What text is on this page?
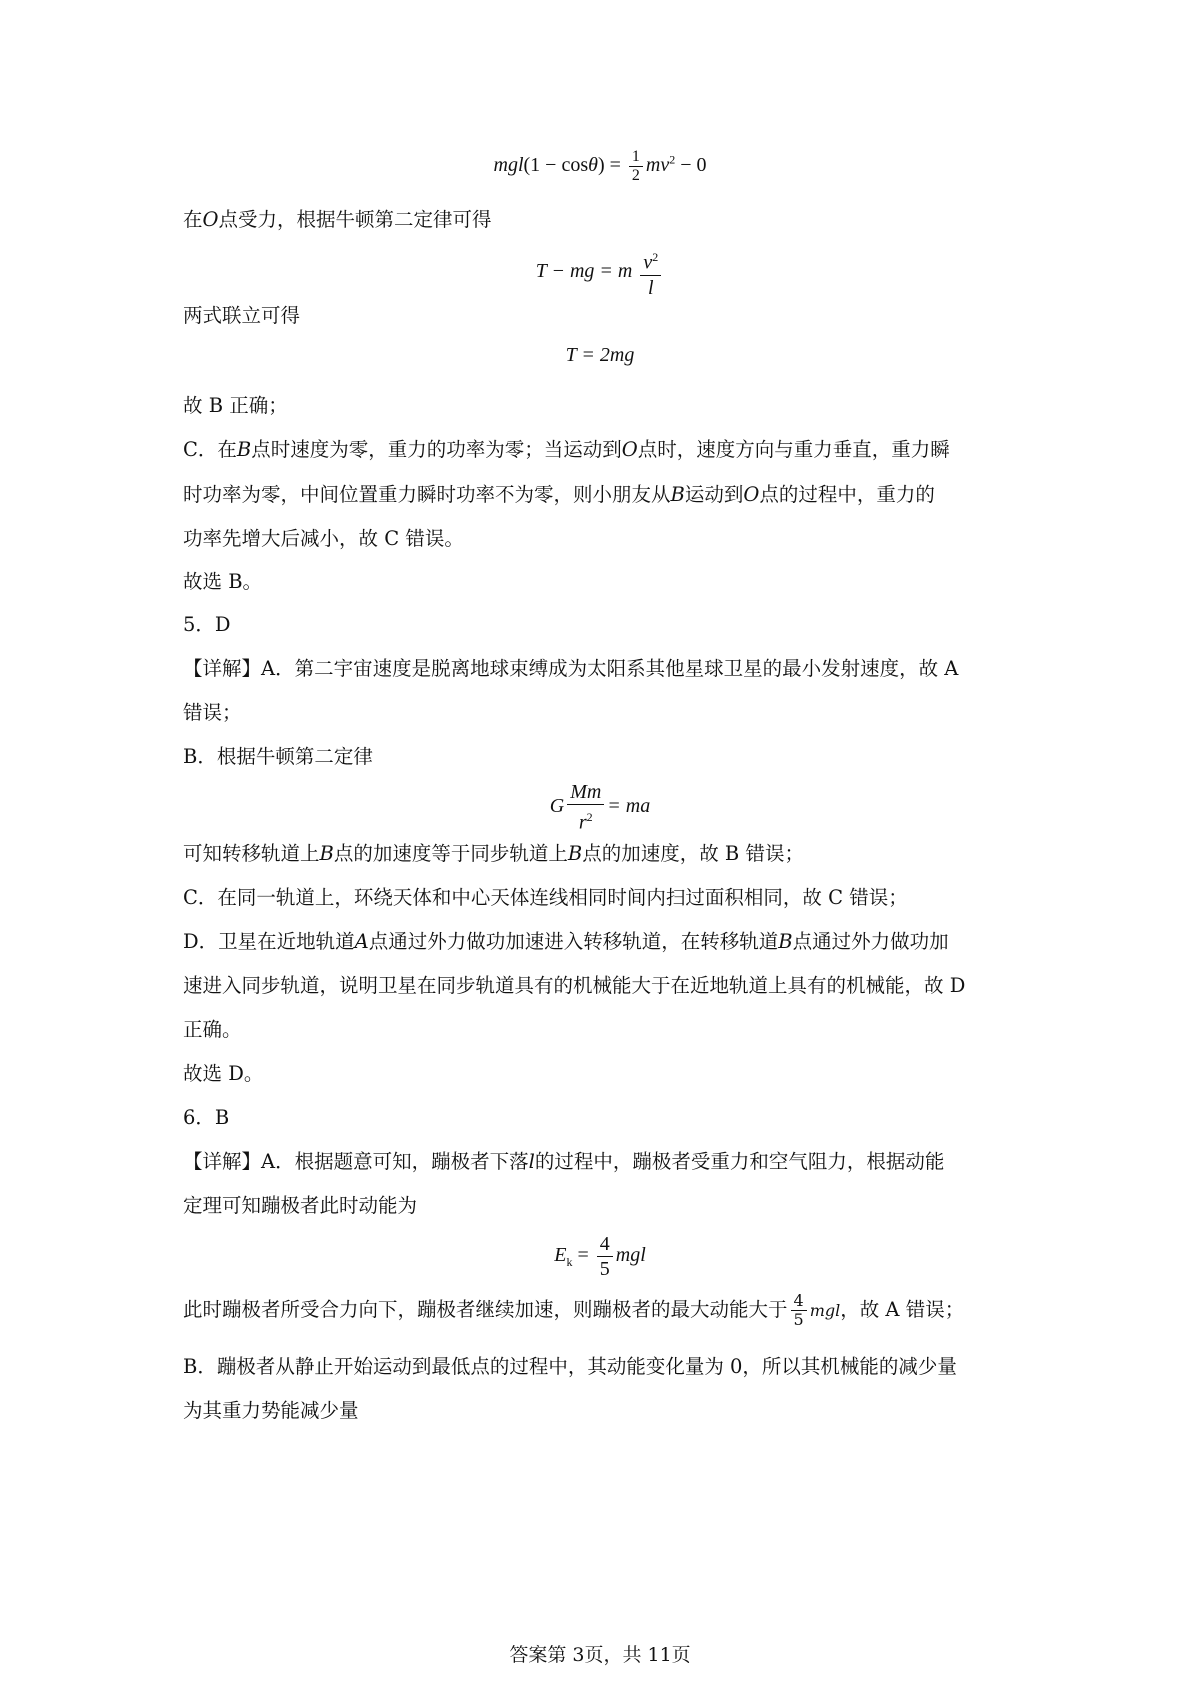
$mgl(1 - \cos\theta) = \frac{1}{2} mv^2 - 0$
在O点受力，根据牛顿第二定律可得
T − mg = m $\frac{v^2}{l}$
两式联立可得
T = 2mg
故 B 正确；
C．在B点时速度为零，重力的功率为零；当运动到O点时，速度方向与重力垂直，重力瞬
时功率为零，中间位置重力瞬时功率不为零，则小朋友从B运动到O点的过程中，重力的
功率先增大后减小，故 C 错误。
故选 B。
5．D
【详解】A．第二宇宙速度是脱离地球束缚成为太阳系其他星球卫星的最小发射速度，故 A
错误；
B．根据牛顿第二定律
G $\frac{Mm}{r^2}$ = ma
可知转移轨道上B点的加速度等于同步轨道上B点的加速度，故 B 错误；
C．在同一轨道上，环绕天体和中心天体连线相同时间内扫过面积相同，故 C 错误；
D．卫星在近地轨道A点通过外力做功加速进入转移轨道，在转移轨道B点通过外力做功加
速进入同步轨道，说明卫星在同步轨道具有的机械能大于在近地轨道上具有的机械能，故 D
正确。
故选 D。
6．B
【详解】A．根据题意可知，蹦极者下落l的过程中，蹦极者受重力和空气阻力，根据动能
定理可知蹦极者此时动能为
$E_k = \frac{4}{5}$ mgl
此时蹦极者所受合力向下，蹦极者继续加速，则蹦极者的最大动能大于 $\frac{4}{5}$ mgl，故 A 错误；
B．蹦极者从静止开始运动到最低点的过程中，其动能变化量为 0，所以其机械能的减少量
为其重力势能减少量
答案第 3页，共 11页
